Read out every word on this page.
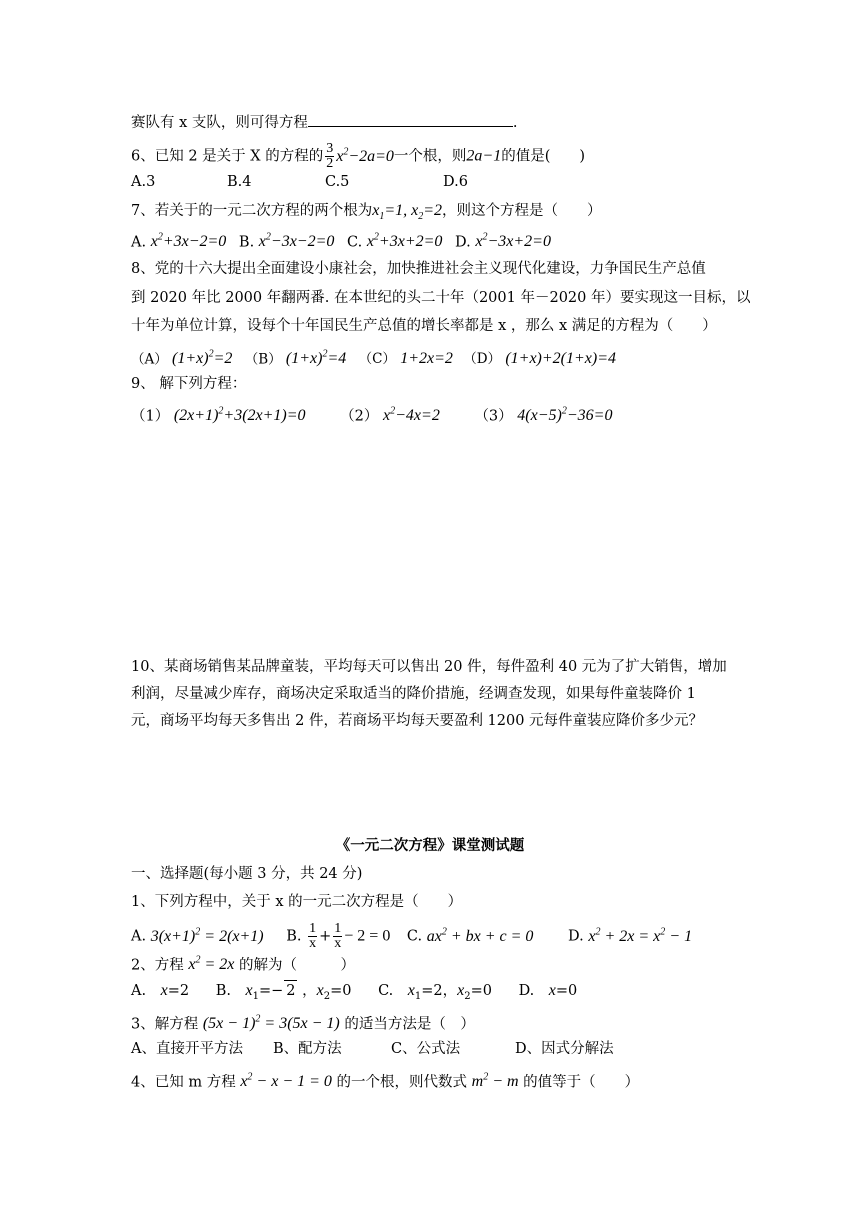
赛队有 x 支队，则可得方程	.
6、已知 2 是关于 X 的方程的 $\frac{3}{2} x^2-2a=0$一个根，则2a−1的值是(　　)
A.3	B.4	C.5	D.6
7、若关于的一元二次方程的两个根为$x_1=1$, $x_2=2$，则这个方程是（　　）
A. $x^2+3x-2=0$ B. $x^2-3x-2=0$ C. $x^2+3x+2=0$ D. $x^2-3x+2=0$
8、党的十六大提出全面建设小康社会，加快推进社会主义现代化建设，力争国民生产总值
到 2020 年比 2000 年翻两番. 在本世纪的头二十年（2001 年－2020 年）要实现这一目标，以
十年为单位计算，设每个十年国民生产总值的增长率都是 x ，那么 x 满足的方程为（　　）
（A） $(1+x)^2=2$ （B） $(1+x)^2=4$ （C） 1+2x=2 （D） (1+x)+2(1+x)=4
9、 解下列方程：
（1） $(2x+1)^2+3(2x+1)=0$ （2） $x^2-4x=2$ （3） $4(x-5)^2-36=0$
10、某商场销售某品牌童装，平均每天可以售出 20 件，每件盈利 40 元为了扩大销售，增加
利润，尽量减少库存，商场决定采取适当的降价措施，经调查发现，如果每件童装降价 1
元，商场平均每天多售出 2 件，若商场平均每天要盈利 1200 元每件童装应降价多少元？
《一元二次方程》课堂测试题
一、选择题(每小题 3 分，共 24 分)
1、下列方程中，关于 x 的一元二次方程是（　　）
A. $3(x+1)^2 = 2(x+1)$ B. $\frac{1}{x} + \frac{1}{x} - 2 = 0$ C. $ax^2$ + bx + c = 0 D. $x^2 + 2x = x^2 - 1$
2、方程 $x^2 = 2x$ 的解为（　　　）
A.　x=2 B.　$x_1=- 2$ ，$x_2=0$ C.　$x_1=2$，$x_2=0$ D.　x=0
3、解方程 $(5x - 1)^2 = 3(5x - 1)$ 的适当方法是（　）
A、直接开平方法 B、配方法	C、公式法	D、因式分解法
4、已知 m 方程 $x^2 - x - 1 = 0$ 的一个根，则代数式 $m^2 - m$ 的值等于（　　）
